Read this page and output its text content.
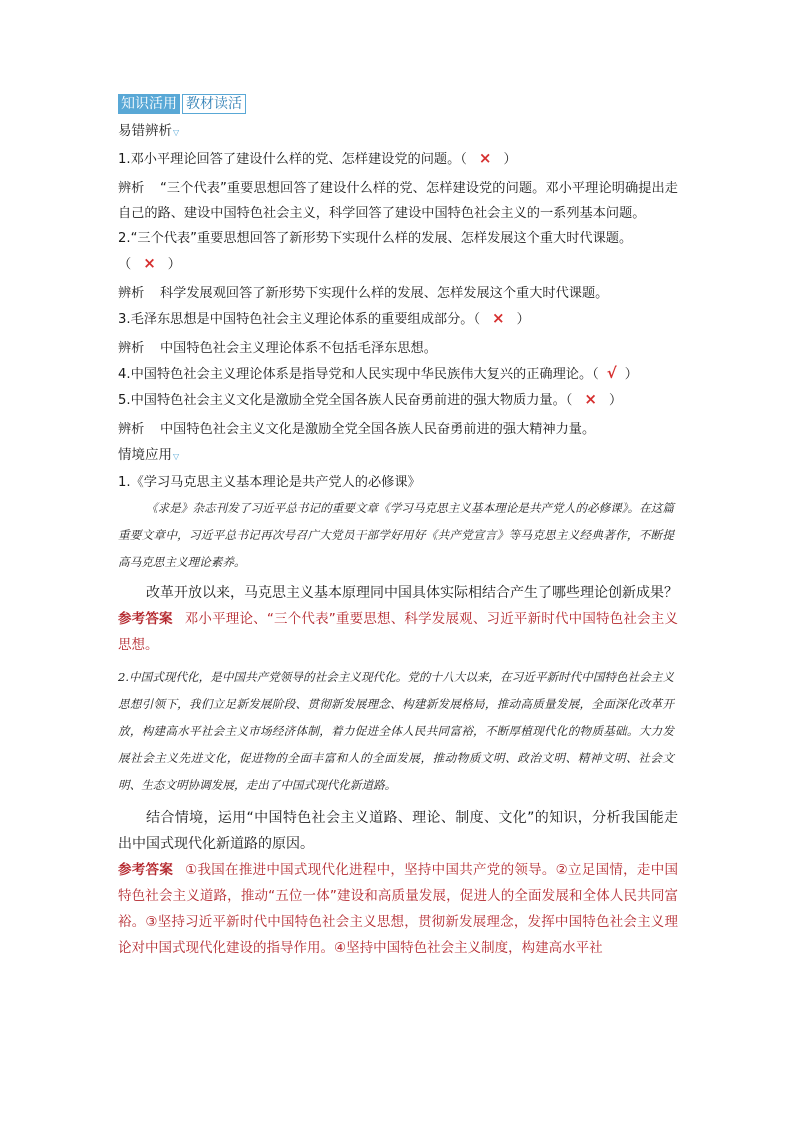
知识活用 教材读活
易错辨析▽
1.邓小平理论回答了建设什么样的党、怎样建设党的问题。（ × ）
辨析 “三个代表”重要思想回答了建设什么样的党、怎样建设党的问题。邓小平理论明确提出走自己的路、建设中国特色社会主义，科学回答了建设中国特色社会主义的一系列基本问题。
2.“三个代表”重要思想回答了新形势下实现什么样的发展、怎样发展这个重大时代课题。
（ × ）
辨析 科学发展观回答了新形势下实现什么样的发展、怎样发展这个重大时代课题。
3.毛泽东思想是中国特色社会主义理论体系的重要组成部分。（ × ）
辨析 中国特色社会主义理论体系不包括毛泽东思想。
4.中国特色社会主义理论体系是指导党和人民实现中华民族伟大复兴的正确理论。（ √ ）
5.中国特色社会主义文化是激励全党全国各族人民奋勇前进的强大物质力量。（ × ）
辨析 中国特色社会主义文化是激励全党全国各族人民奋勇前进的强大精神力量。
情境应用▽
1.《学习马克思主义基本理论是共产党人的必修课》
《求是》杂志刊发了习近平总书记的重要文章《学习马克思主义基本理论是共产党人的必修课》。在这篇重要文章中，习近平总书记再次号召广大党员干部学好用好《共产党宣言》等马克思主义经典著作，不断提高马克思主义理论素养。
改革开放以来，马克思主义基本原理同中国具体实际相结合产生了哪些理论创新成果？
参考答案 邓小平理论、“三个代表”重要思想、科学发展观、习近平新时代中国特色社会主义思想。
2.中国式现代化，是中国共产党领导的社会主义现代化。党的十八大以来，在习近平新时代中国特色社会主义思想引领下，我们立足新发展阶段、贯彻新发展理念、构建新发展格局，推动高质量发展，全面深化改革开放，构建高水平社会主义市场经济体制，着力促进全体人民共同富裕，不断厚植现代化的物质基础。大力发展社会主义先进文化，促进物的全面丰富和人的全面发展，推动物质文明、政治文明、精神文明、社会文明、生态文明协调发展，走出了中国式现代化新道路。
结合情境，运用“中国特色社会主义道路、理论、制度、文化”的知识，分析我国能走出中国式现代化新道路的原因。
参考答案 ①我国在推进中国式现代化进程中，坚持中国共产党的领导。②立足国情，走中国特色社会主义道路，推动“五位一体”建设和高质量发展，促进人的全面发展和全体人民共同富裕。③坚持习近平新时代中国特色社会主义思想，贯彻新发展理念，发挥中国特色社会主义理论对中国式现代化建设的指导作用。④坚持中国特色社会主义制度，构建高水平社
